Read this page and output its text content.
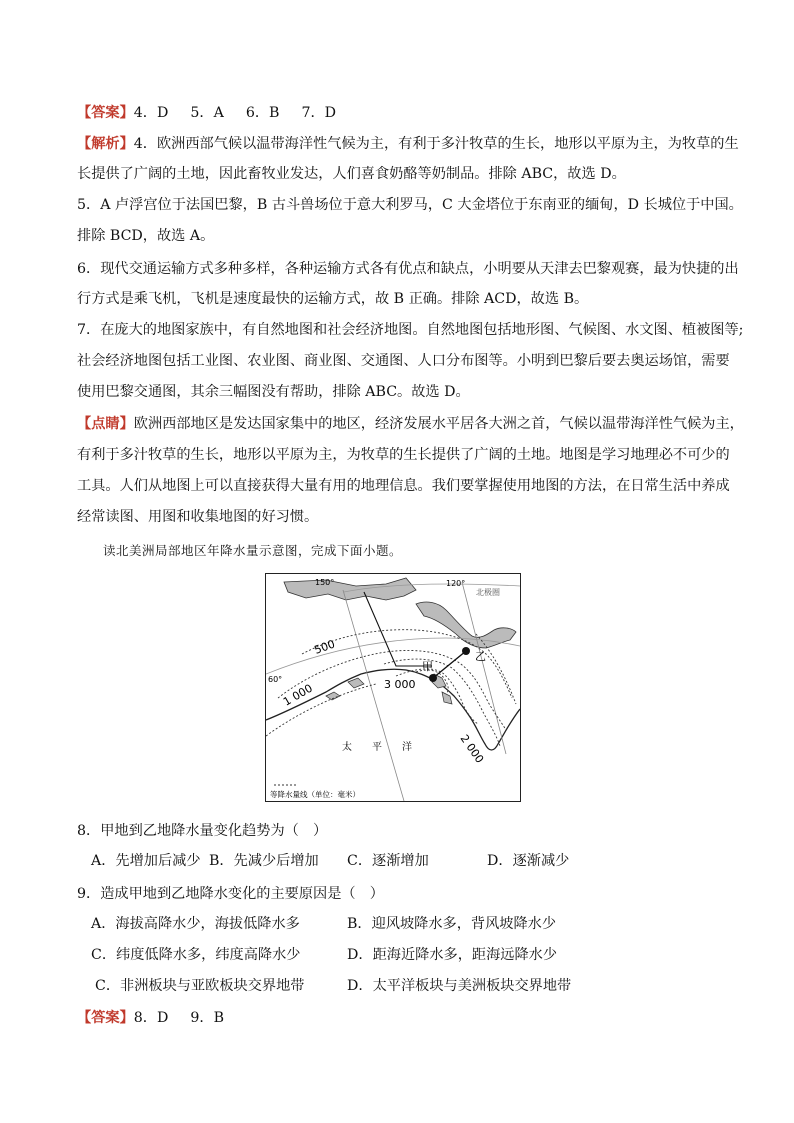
【答案】4．D 5．A 6．B 7．D
【解析】4．欧洲西部气候以温带海洋性气候为主，有利于多汁牧草的生长，地形以平原为主，为牧草的生
长提供了广阔的土地，因此畜牧业发达，人们喜食奶酪等奶制品。排除 ABC，故选 D。
5．A 卢浮宫位于法国巴黎，B 古斗兽场位于意大利罗马，C 大金塔位于东南亚的缅甸，D 长城位于中国。
排除 BCD，故选 A。
6．现代交通运输方式多种多样，各种运输方式各有优点和缺点，小明要从天津去巴黎观赛，最为快捷的出
行方式是乘飞机，飞机是速度最快的运输方式，故 B 正确。排除 ACD，故选 B。
7．在庞大的地图家族中，有自然地图和社会经济地图。自然地图包括地形图、气候图、水文图、植被图等;
社会经济地图包括工业图、农业图、商业图、交通图、人口分布图等。小明到巴黎后要去奥运场馆，需要
使用巴黎交通图，其余三幅图没有帮助，排除 ABC。故选 D。
【点睛】欧洲西部地区是发达国家集中的地区，经济发展水平居各大洲之首，气候以温带海洋性气候为主，
有利于多汁牧草的生长，地形以平原为主，为牧草的生长提供了广阔的土地。地图是学习地理必不可少的
工具。人们从地图上可以直接获得大量有用的地理信息。我们要掌握使用地图的方法，在日常生活中养成
经常读图、用图和收集地图的好习惯。
读北美洲局部地区年降水量示意图，完成下面小题。
150°	120°
北极圈
60°
500
1 000	3 000
2 000
甲
乙
太　　平　　洋
等降水量线（单位：毫米）
8．甲地到乙地降水量变化趋势为（　）
A．先增加后减少 B．先减少后增加 C．逐渐增加	D．逐渐减少
9．造成甲地到乙地降水变化的主要原因是（　）
A．海拔高降水少，海拔低降水多	B．迎风坡降水多，背风坡降水少
C．纬度低降水多，纬度高降水少	D．距海近降水多，距海远降水少
C．非洲板块与亚欧板块交界地带	D．太平洋板块与美洲板块交界地带
【答案】8．D 9．B
